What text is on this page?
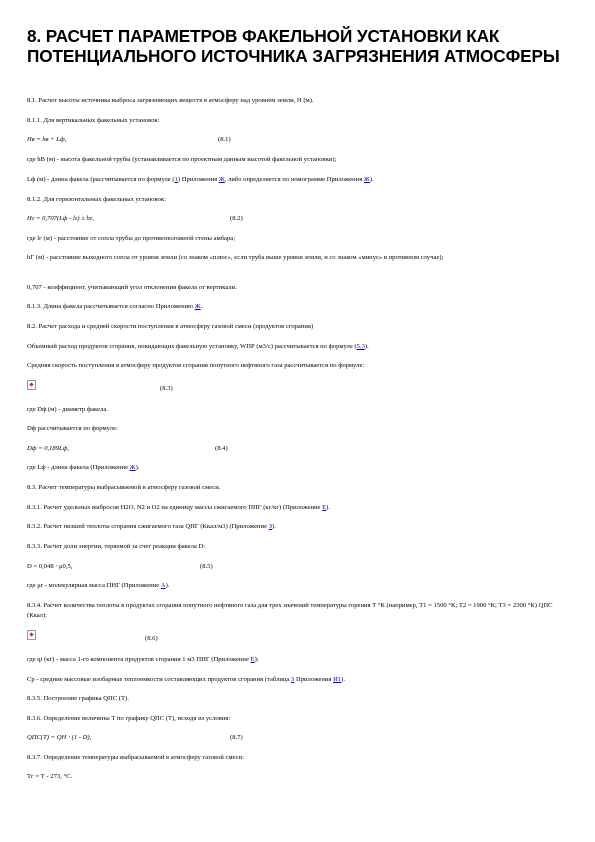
8. РАСЧЕТ ПАРАМЕТРОВ ФАКЕЛЬНОЙ УСТАНОВКИ КАК ПОТЕНЦИАЛЬНОГО ИСТОЧНИКА ЗАГРЯЗНЕНИЯ АТМОСФЕРЫ

8.1. Расчет высоты источника выброса загрязняющих веществ в атмосферу над уровнем земли, Н (м).

8.1.1. Для вертикальных факельных установок:

Нв = hв + Lф,	(8.1)

где hВ (м) - высота факельной трубы (устанавливается по проектным данным высотой факельной установки);

Lф (м) - длина факела (рассчитывается по формуле (1) Приложения Ж, либо определяется по номограмме Приложения Ж).

8.1.2. Для горизонтальных факельных установок:

Нг = 0,707(Lф - lг) ± hг,	(8.2)

где lг (м) - расстояние от сопла трубы до противоположной стены амбара;

hГ (м) - расстояние выходного сопла от уровня земли (со знаком «плюс», если труба выше уровня земли, и со знаком «минус» в противном случае);

0,707 - коэффициент, учитывающий угол отклонения факела от вертикали.

8.1.3. Длина факела рассчитывается согласно Приложению Ж.

8.2. Расчет расхода и средней скорости поступления в атмосферу газовой смеси (продуктов сгорания)

Объемный расход продуктов сгорания, покидающих факельную установку, WПР (м3/с) рассчитывается по формуле (5.3).

Средняя скорость поступления в атмосферу продуктов сгорания попутного нефтяного газа рассчитывается по формуле:

(8.3)

где Dф (м) - диаметр факела.

Dф рассчитывается по формуле:

Dф = 0,189Lф,	(8.4)

где Lф - длина факела (Приложение Ж).

8.3. Расчет температуры выбрасываемой в атмосферу газовой смеси.

8.3.1. Расчет удельных выбросов Н2О, N2 и О2 на единицу массы сжигаемого ПНГ (кг/кг) (Приложение Е).

8.3.2. Расчет низшей теплоты сгорания сжигаемого газа QНГ (Ккал/м3) (Приложение З).

8.3.3. Расчет доли энергии, теряемой за счет реакции факела D:

D = 0,048 ‧ μ0,5,	(8.5)

где μr - молекулярная масса ПНГ (Приложение А).

8.3.4. Расчет количества теплоты в продуктах сгорания попутного нефтяного газа для трех значений температуры горения Т °К (например, Т1 = 1500 °К; Т2 = 1900 °К; Т3 = 2300 °К) QПС (Ккал):

(8.6)

где qi (кг) - масса 1-го компонента продуктов сгорания 1 м3 ПНГ (Приложение Е);

Ср - средние массовые изобарные теплоемкости составляющих продуктов сгорания (таблица 3 Приложения И1).

8.3.5. Построение графика QПС (T).

8.3.6. Определение величины Т по графику QПС (Т), исходя из условия:

QПС(Т) = QН ‧ (1 - D),	(8.7)

8.3.7. Определение температуры выбрасываемой в атмосферу газовой смеси:

Тг = Т - 273, °С.
